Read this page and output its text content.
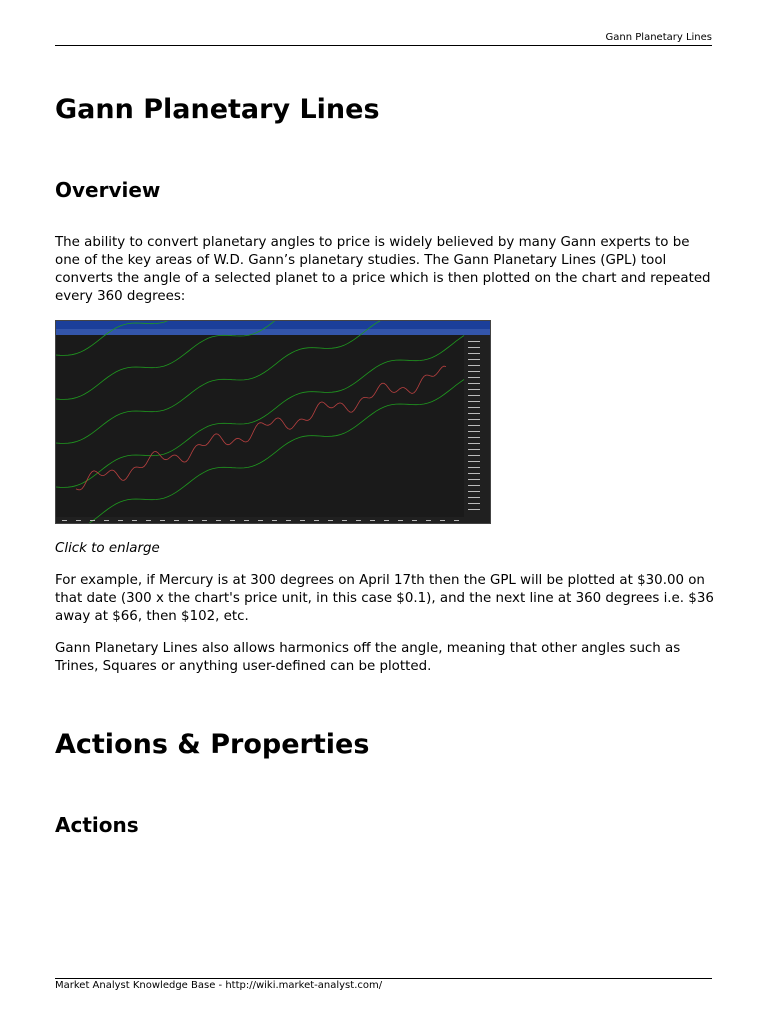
Gann Planetary Lines
Gann Planetary Lines
Overview

The ability to convert planetary angles to price is widely believed by many Gann experts to be one of the key areas of W.D. Gann’s planetary studies. The Gann Planetary Lines (GPL) tool converts the angle of a selected planet to a price which is then plotted on the chart and repeated every 360 degrees:

Click to enlarge

For example, if Mercury is at 300 degrees on April 17th then the GPL will be plotted at $30.00 on that date (300 x the chart's price unit, in this case $0.1), and the next line at 360 degrees i.e. $36 away at $66, then $102, etc.

Gann Planetary Lines also allows harmonics off the angle, meaning that other angles such as Trines, Squares or anything user-defined can be plotted.

Actions & Properties
Actions
Market Analyst Knowledge Base - http://wiki.market-analyst.com/
